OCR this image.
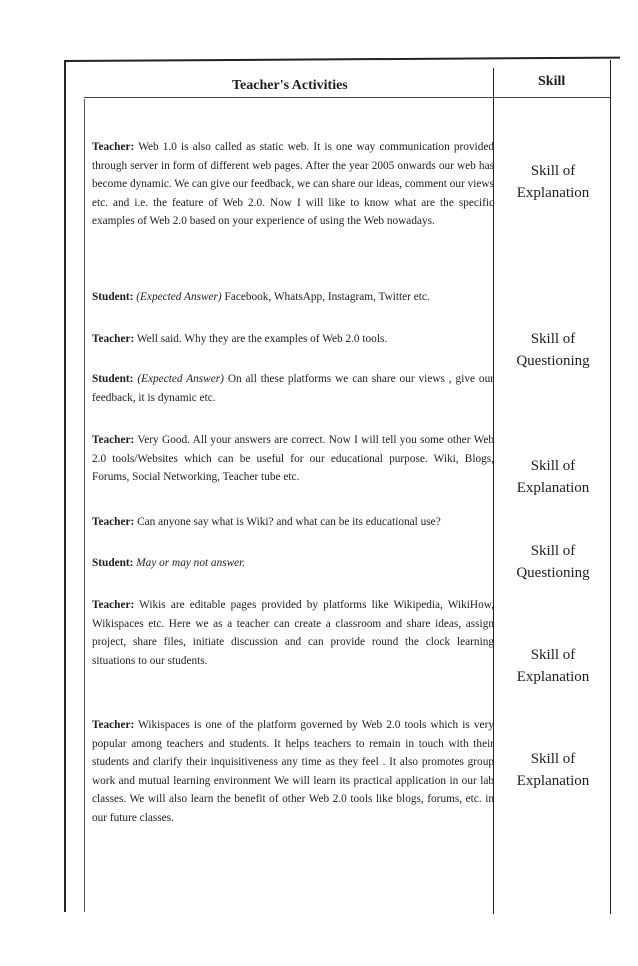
Teacher's Activities	Skill
Teacher: Web 1.0 is also called as static web. It is one way communication provided through server in form of different web pages. After the year 2005 onwards our web has become dynamic. We can give our feedback, we can share our ideas, comment our views etc. and i.e. the feature of Web 2.0. Now I will like to know what are the specific examples of Web 2.0 based on your experience of using the Web nowadays.
Student: (Expected Answer) Facebook, WhatsApp, Instagram, Twitter etc.
Teacher: Well said. Why they are the examples of Web 2.0 tools.
Student: (Expected Answer) On all these platforms we can share our views , give our feedback, it is dynamic etc.
Teacher: Very Good. All your answers are correct. Now I will tell you some other Web 2.0 tools/Websites which can be useful for our educational purpose. Wiki, Blogs, Forums, Social Networking, Teacher tube etc.
Teacher: Can anyone say what is Wiki? and what can be its educational use?
Student: May or may not answer.
Teacher: Wikis are editable pages provided by platforms like Wikipedia, WikiHow, Wikispaces etc. Here we as a teacher can create a classroom and share ideas, assign project, share files, initiate discussion and can provide round the clock learning situations to our students.
Teacher: Wikispaces is one of the platform governed by Web 2.0 tools which is very popular among teachers and students. It helps teachers to remain in touch with their students and clarify their inquisitiveness any time as they feel . It also promotes group work and mutual learning environment We will learn its practical application in our lab classes. We will also learn the benefit of other Web 2.0 tools like blogs, forums, etc. in our future classes.
Skill of
Explanation
Skill of
Questioning
Skill of
Explanation
Skill of
Questioning
Skill of
Explanation
Skill of
Explanation
